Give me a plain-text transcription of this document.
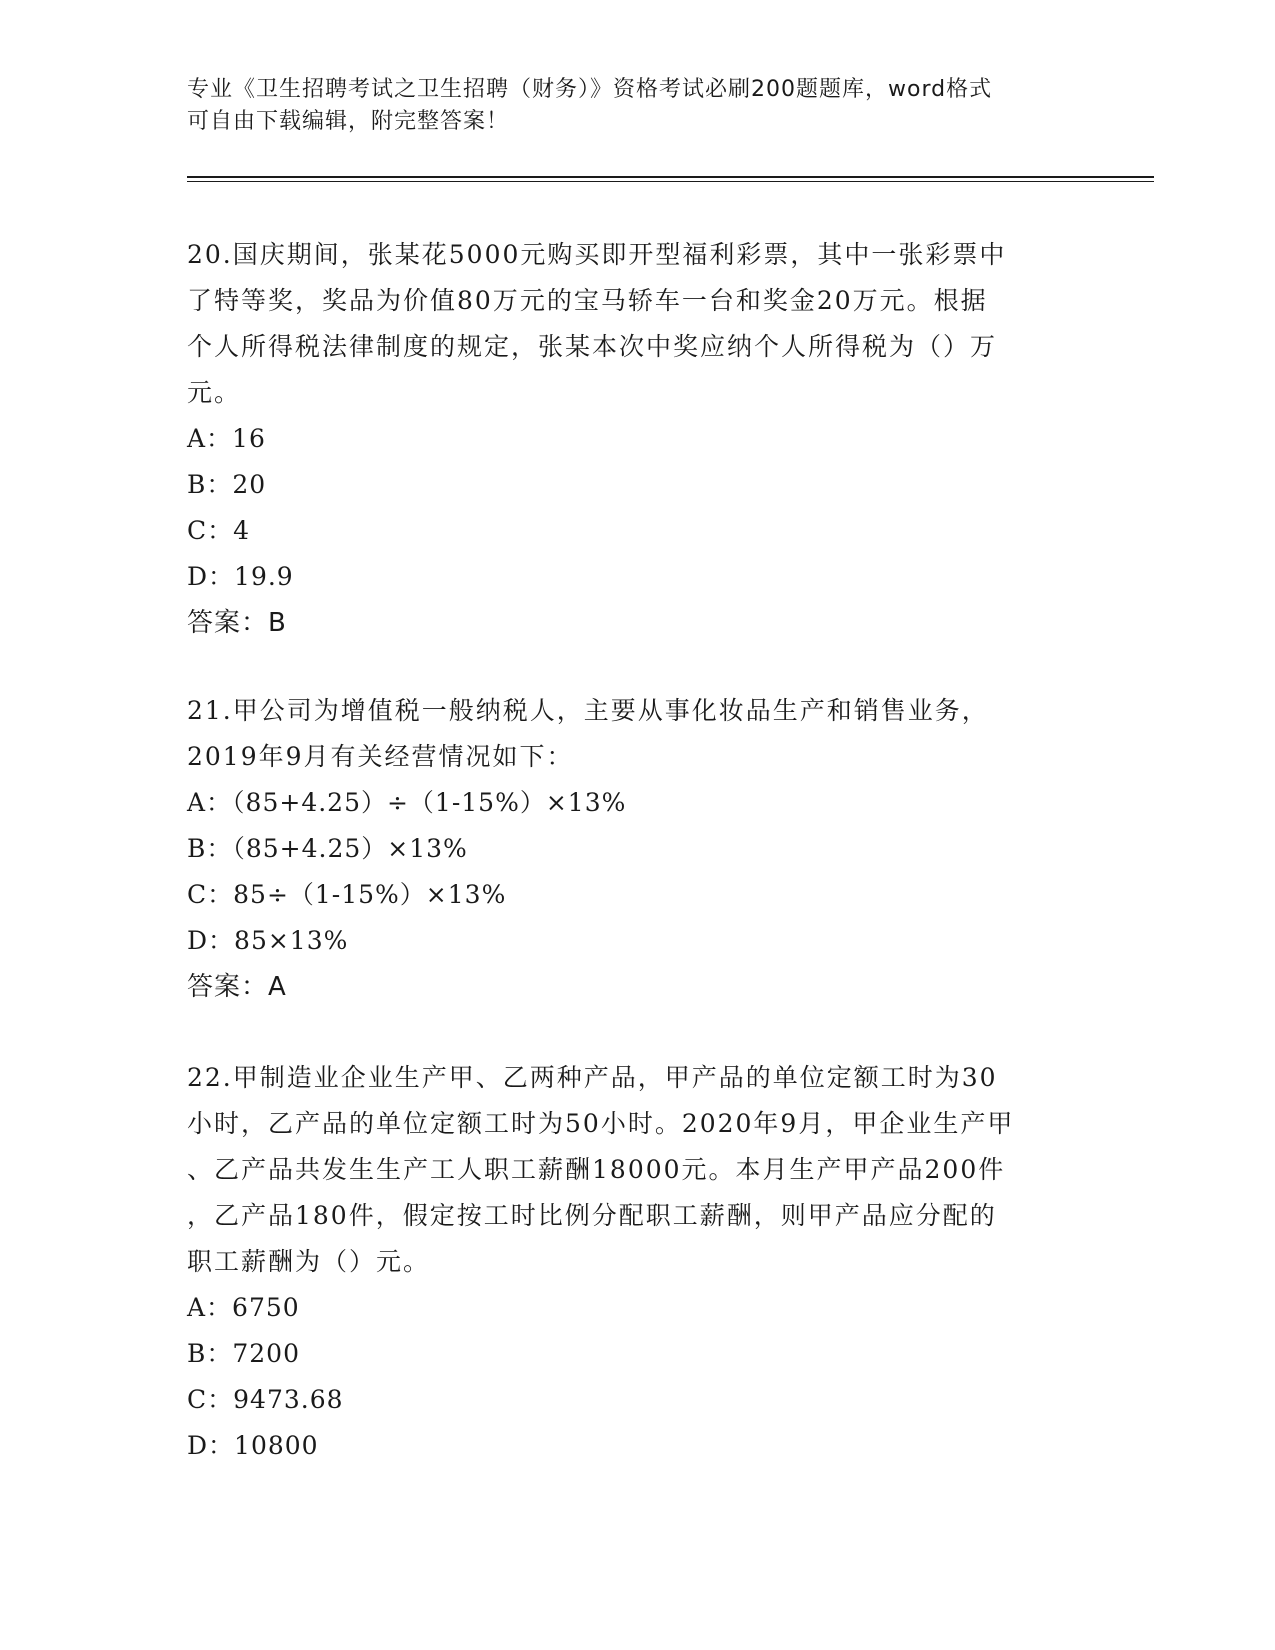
专业《卫生招聘考试之卫生招聘（财务）》资格考试必刷200题题库，word格式
可自由下载编辑，附完整答案！
20.国庆期间，张某花5000元购买即开型福利彩票，其中一张彩票中
了特等奖，奖品为价值80万元的宝马轿车一台和奖金20万元。根据
个人所得税法律制度的规定，张某本次中奖应纳个人所得税为（）万
元。
A：16
B：20
C：4
D：19.9
答案：B
21.甲公司为增值税一般纳税人，主要从事化妆品生产和销售业务，
2019年9月有关经营情况如下：
A：（85+4.25）÷（1-15%）×13%
B：（85+4.25）×13%
C：85÷（1-15%）×13%
D：85×13%
答案：A
22.甲制造业企业生产甲、乙两种产品，甲产品的单位定额工时为30
小时，乙产品的单位定额工时为50小时。2020年9月，甲企业生产甲
、乙产品共发生生产工人职工薪酬18000元。本月生产甲产品200件
，乙产品180件，假定按工时比例分配职工薪酬，则甲产品应分配的
职工薪酬为（）元。
A：6750
B：7200
C：9473.68
D：10800
